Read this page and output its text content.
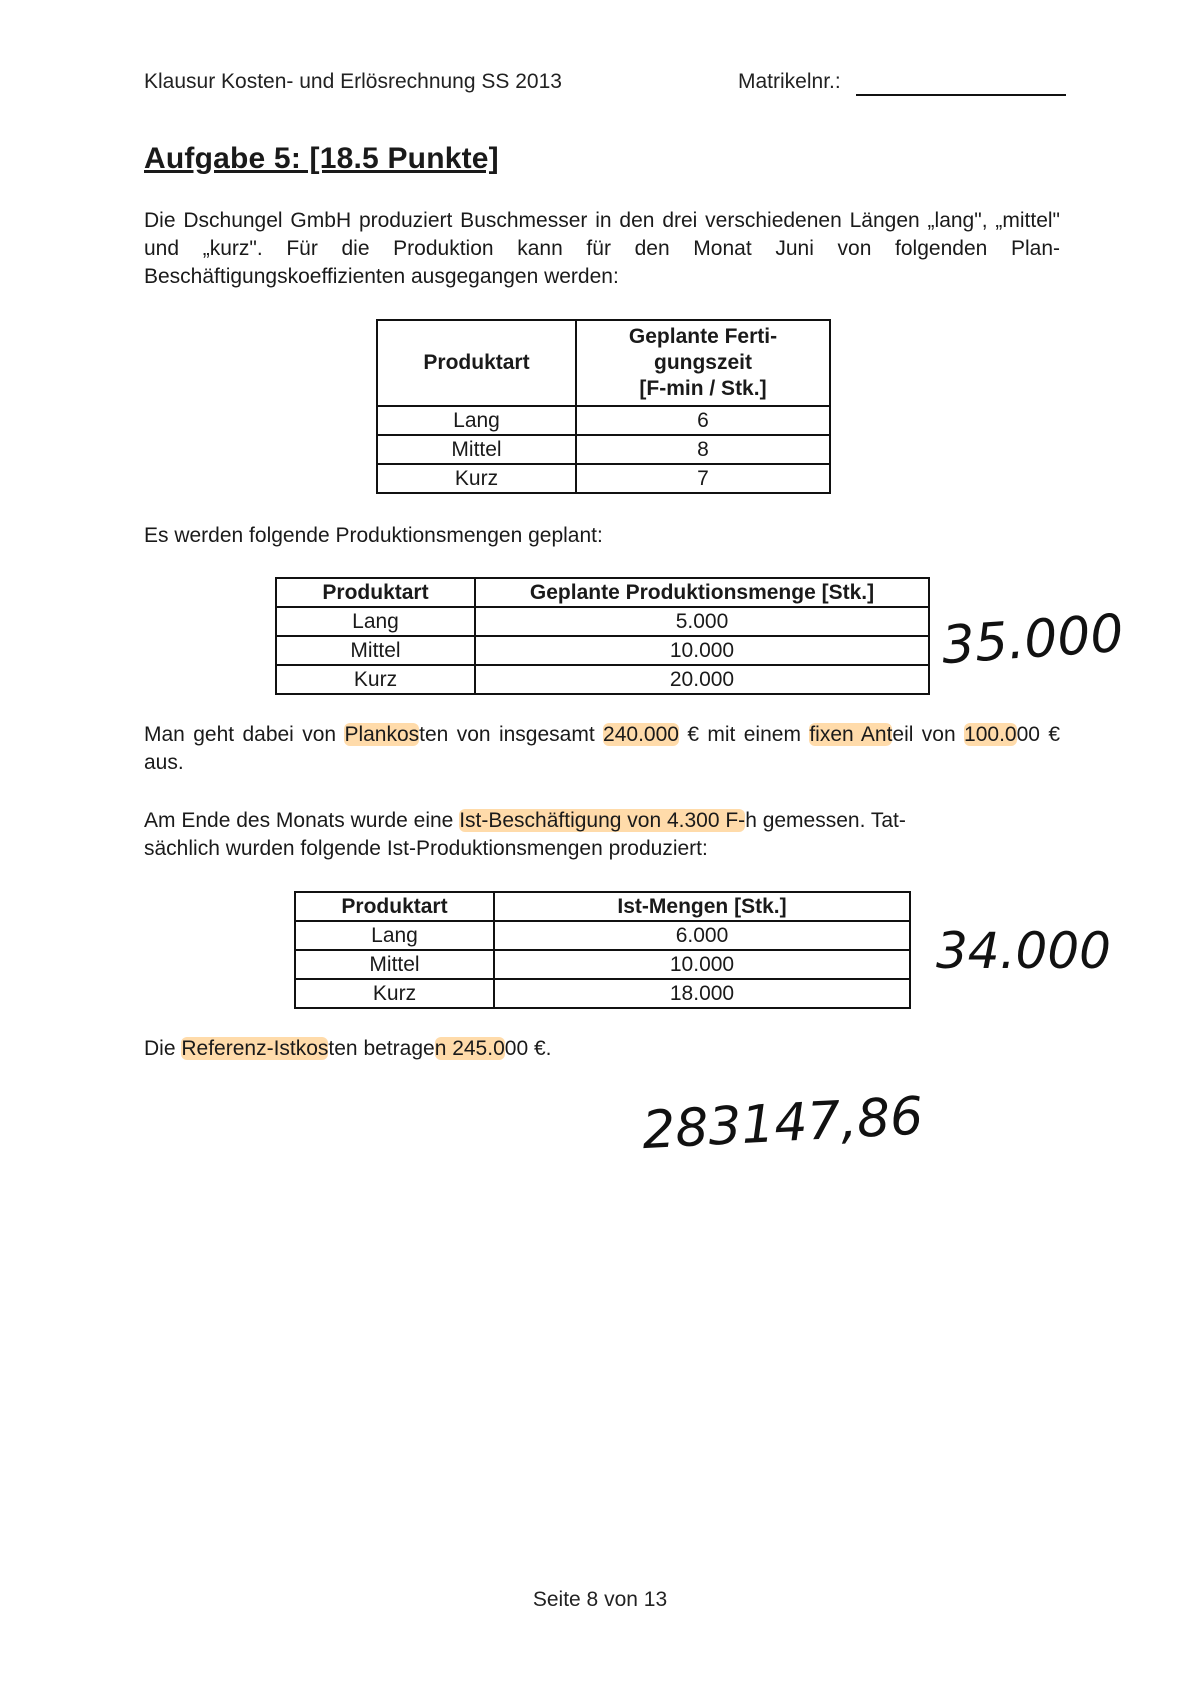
Klausur Kosten- und Erlösrechnung SS 2013	Matrikelnr.:
Aufgabe 5: [18.5 Punkte]

Die Dschungel GmbH produziert Buschmesser in den drei verschiedenen Längen „lang", „mittel" und „kurz". Für die Produktion kann für den Monat Juni von folgenden Plan-Beschäftigungskoeffizienten ausgegangen werden:

Produktart	Geplante Ferti-
gungszeit
[F-min / Stk.]
Lang	6
Mittel	8
Kurz	7

Es werden folgende Produktionsmengen geplant:

Produktart	Geplante Produktionsmenge [Stk.]
Lang	5.000
Mittel	10.000
Kurz	20.000
35.000

Man geht dabei von Plankosten von insgesamt 240.000 € mit einem fixen Anteil von 100.000 € aus.

Am Ende des Monats wurde eine Ist-Beschäftigung von 4.300 F-h gemessen. Tat-
sächlich wurden folgende Ist-Produktionsmengen produziert:

Produktart	Ist-Mengen [Stk.]
Lang	6.000
Mittel	10.000
Kurz	18.000
34.000

Die Referenz-Istkosten betragen 245.000 €.

283147,86
Seite 8 von 13
